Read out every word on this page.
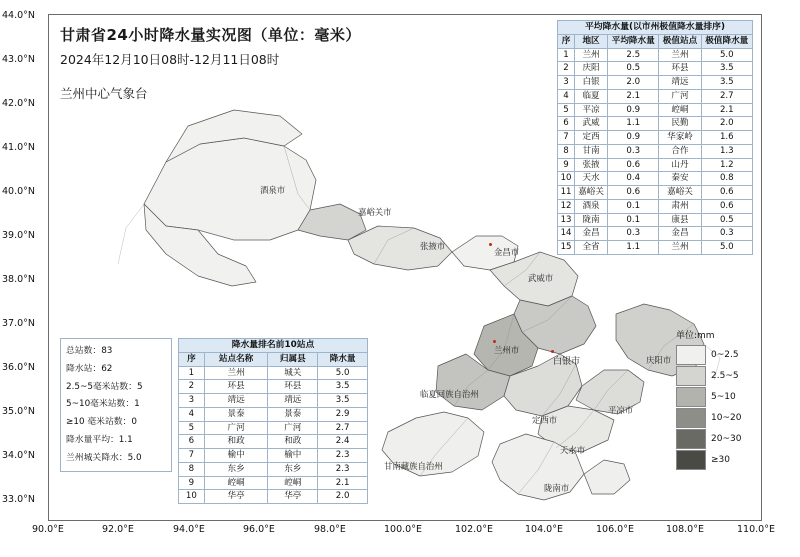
44.0°N
43.0°N
42.0°N
41.0°N
40.0°N
39.0°N
38.0°N
37.0°N
36.0°N
35.0°N
34.0°N
33.0°N
90.0°E	92.0°E	94.0°E	96.0°E	98.0°E	100.0°E	102.0°E	104.0°E	106.0°E	108.0°E	110.0°E
酒泉市
嘉峪关市
张掖市
金昌市
武威市
兰州市
白银市	庆阳市
临夏回族自治州
定西市
平凉市
天水市
甘南藏族自治州
陇南市
甘肃省24小时降水量实况图（单位：毫米）
2024年12月10日08时-12月11日08时
兰州中心气象台
平均降水量(以市州极值降水量排序)				
序	地区	平均降水量	极值站点	极值降水量
1	兰州	2.5	兰州	5.0
2	庆阳	0.5	环县	3.5
3	白银	2.0	靖远	3.5
4	临夏	2.1	广河	2.7
5	平凉	0.9	崆峒	2.1
6	武威	1.1	民勤	2.0
7	定西	0.9	华家岭	1.6
8	甘南	0.3	合作	1.3
9	张掖	0.6	山丹	1.2
10	天水	0.4	秦安	0.8
11	嘉峪关	0.6	嘉峪关	0.6
12	酒泉	0.1	肃州	0.6
13	陇南	0.1	康县	0.5
14	金昌	0.3	金昌	0.3
15	全省	1.1	兰州	5.0
总站数：83
降水站：62
2.5~5毫米站数：5
5~10毫米站数：1
≥10 毫米站数：0
降水量平均：1.1
兰州城关降水：5.0
降水量排名前10站点			
序	站点名称	归属县	降水量
1	兰州	城关	5.0
2	环县	环县	3.5
3	靖远	靖远	3.5
4	景泰	景泰	2.9
5	广河	广河	2.7
6	和政	和政	2.4
7	榆中	榆中	2.3
8	东乡	东乡	2.3
9	崆峒	崆峒	2.1
10	华亭	华亭	2.0
单位:mm
0~2.5
2.5~5
5~10
10~20
20~30
≥30
